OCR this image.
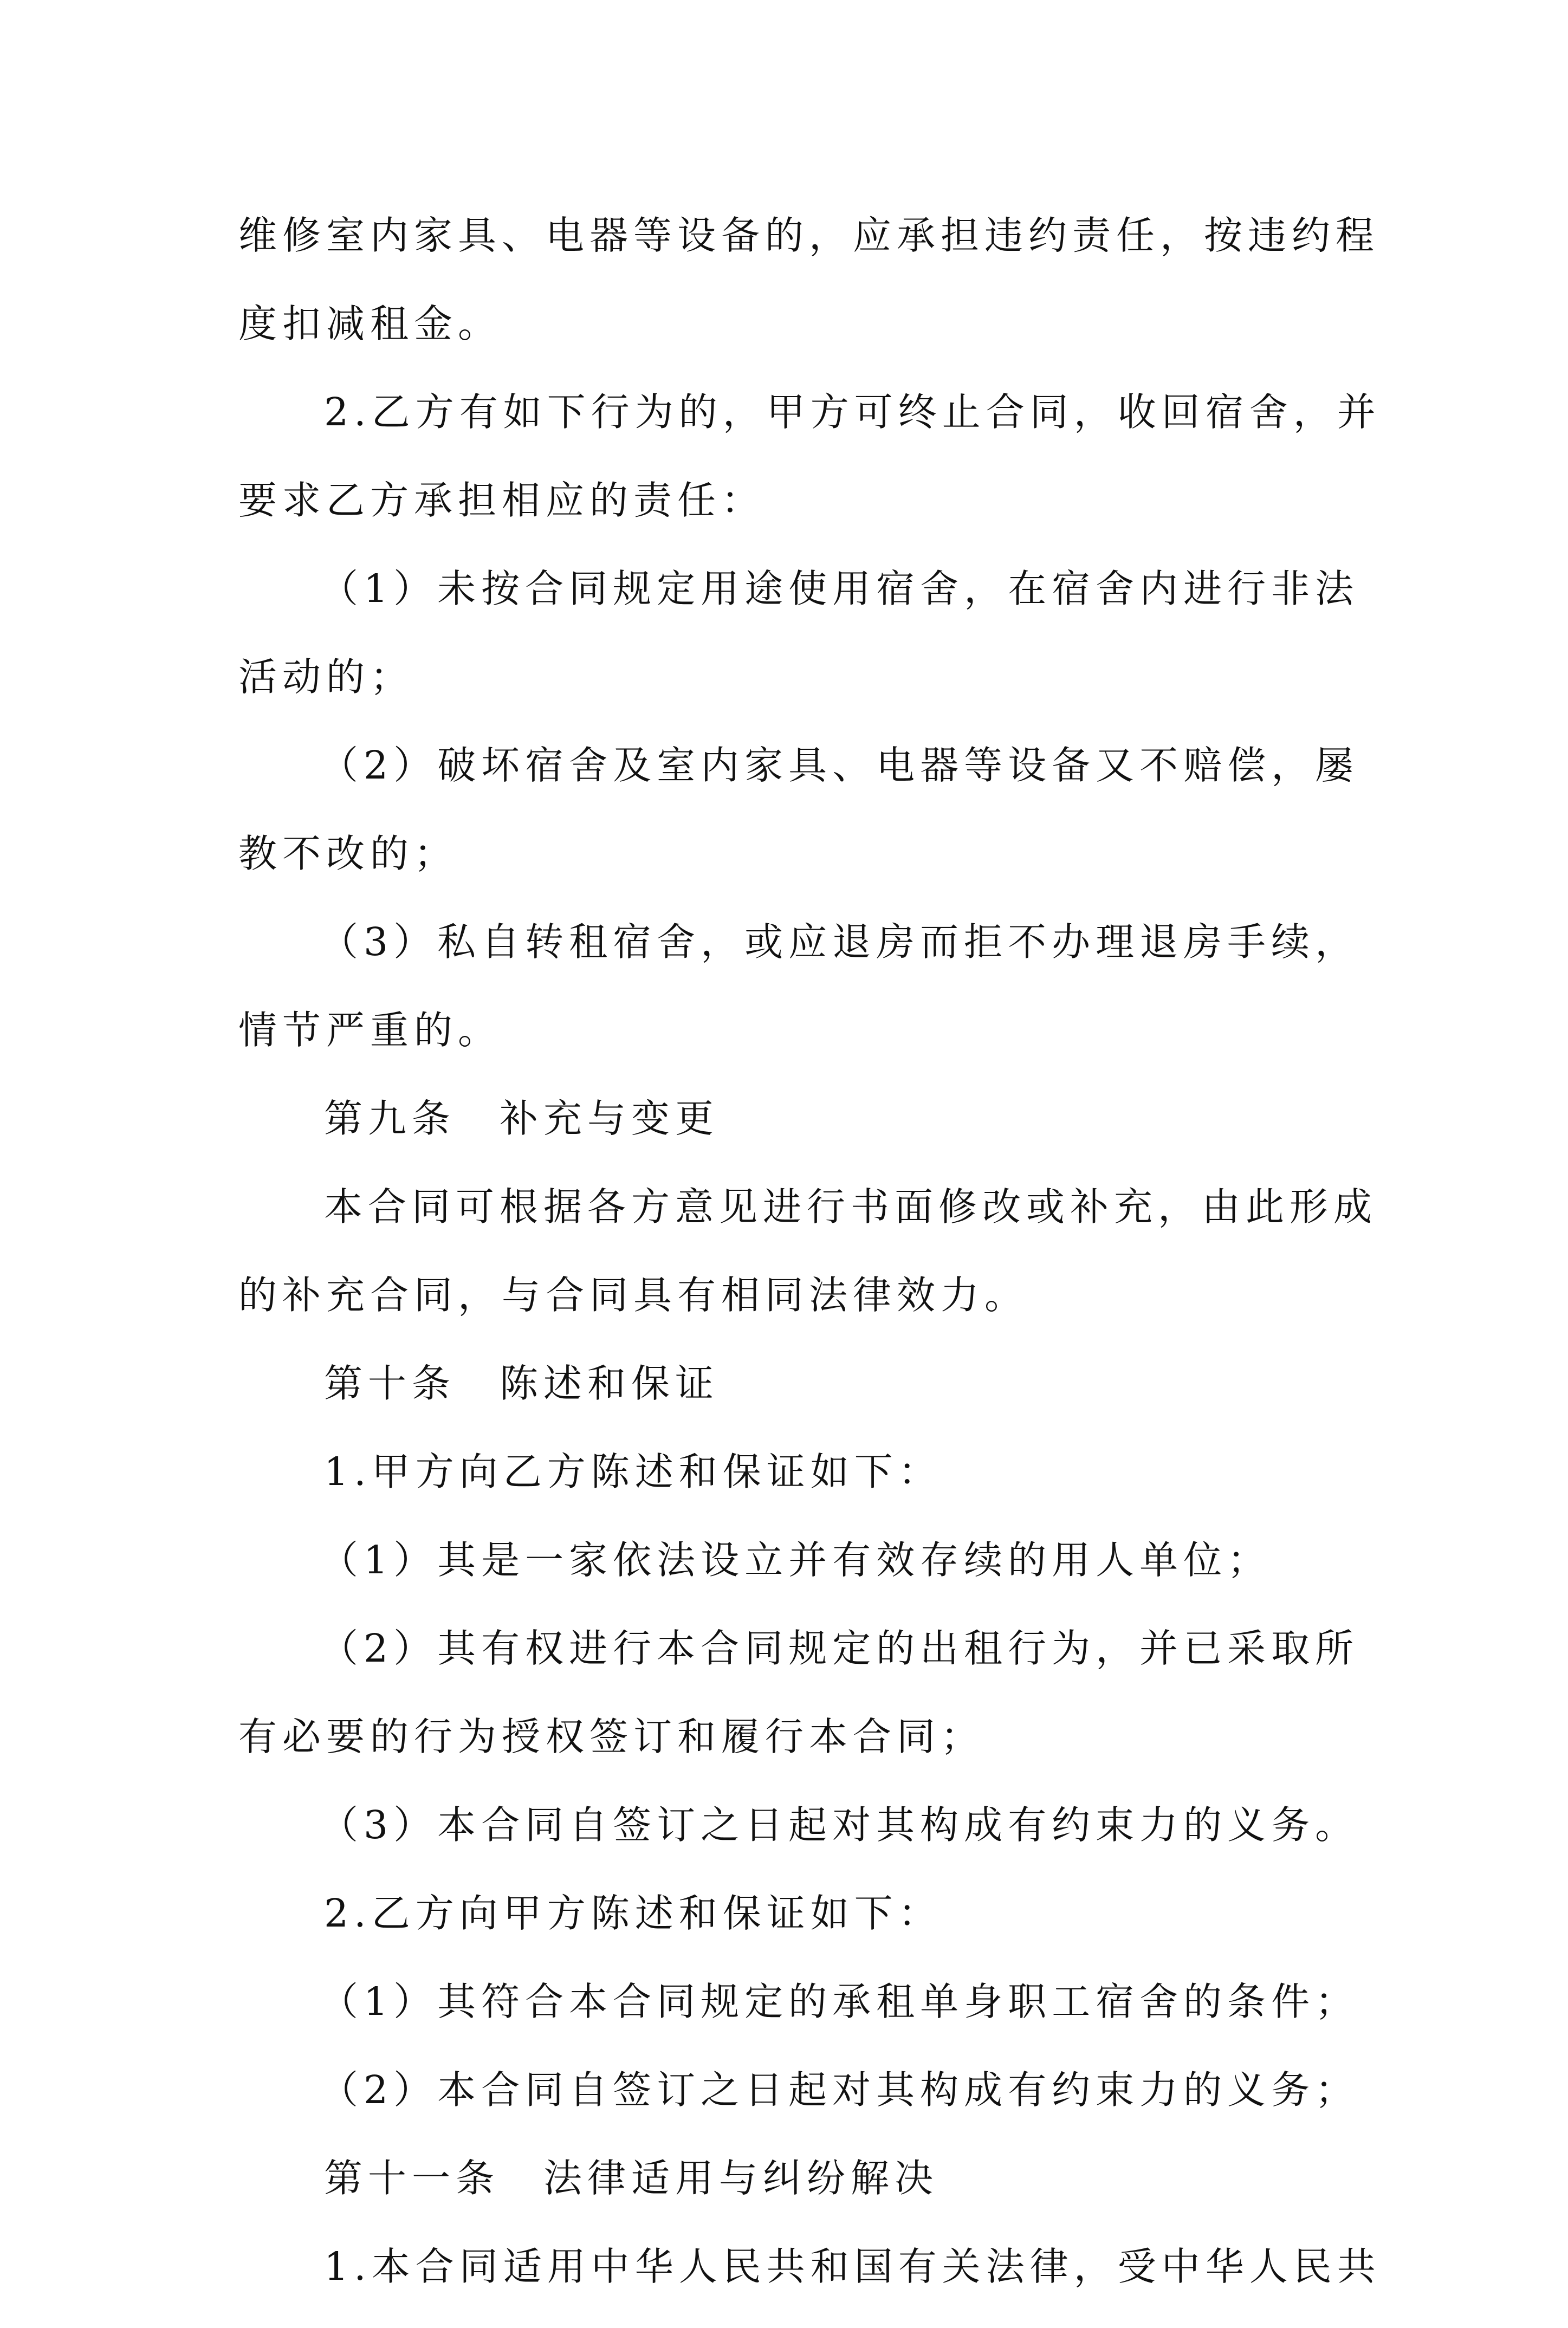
维修室内家具、电器等设备的，应承担违约责任，按违约程
度扣减租金。
2.乙方有如下行为的，甲方可终止合同，收回宿舍，并
要求乙方承担相应的责任：
（1）未按合同规定用途使用宿舍，在宿舍内进行非法
活动的；
（2）破坏宿舍及室内家具、电器等设备又不赔偿，屡
教不改的；
（3）私自转租宿舍，或应退房而拒不办理退房手续，
情节严重的。
第九条　补充与变更
本合同可根据各方意见进行书面修改或补充，由此形成
的补充合同，与合同具有相同法律效力。
第十条　陈述和保证
1.甲方向乙方陈述和保证如下：
（1）其是一家依法设立并有效存续的用人单位；
（2）其有权进行本合同规定的出租行为，并已采取所
有必要的行为授权签订和履行本合同；
（3）本合同自签订之日起对其构成有约束力的义务。
2.乙方向甲方陈述和保证如下：
（1）其符合本合同规定的承租单身职工宿舍的条件；
（2）本合同自签订之日起对其构成有约束力的义务；
第十一条　法律适用与纠纷解决
1.本合同适用中华人民共和国有关法律，受中华人民共
